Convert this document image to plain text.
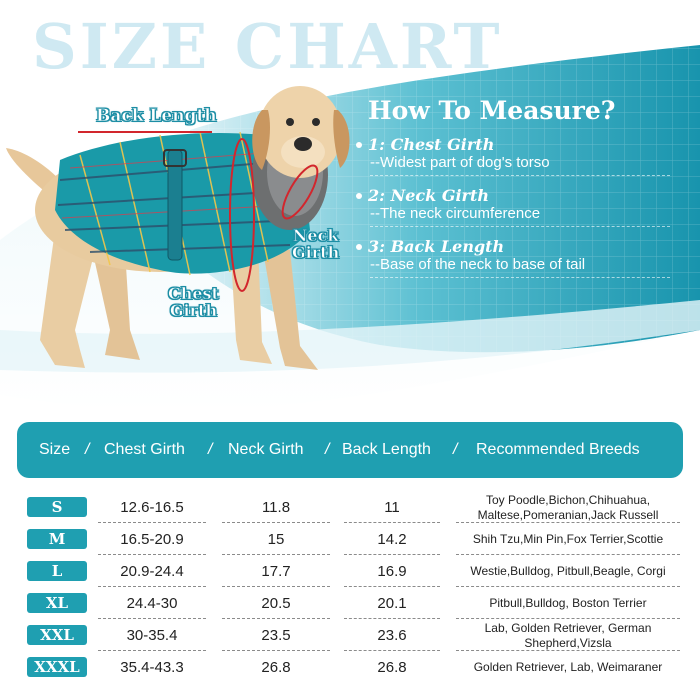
SIZE CHART
Back Length
Neck
Girth
Chest
Girth
How To Measure?
1: Chest Girth
--Widest part of dog's torso
2: Neck Girth
--The neck circumference
3: Back Length
--Base of the neck to base of tail
Size / Chest Girth / Neck Girth / Back Length / Recommended Breeds
S	12.6-16.5	11.8	11	Toy Poodle,Bichon,Chihuahua,
Maltese,Pomeranian,Jack Russell
M	16.5-20.9	15	14.2	Shih Tzu,Min Pin,Fox Terrier,Scottie
L	20.9-24.4	17.7	16.9	Westie,Bulldog, Pitbull,Beagle, Corgi
XL	24.4-30	20.5	20.1	Pitbull,Bulldog, Boston Terrier
XXL	30-35.4	23.5	23.6	Lab, Golden Retriever, German
Shepherd,Vizsla
XXXL	35.4-43.3	26.8	26.8	Golden Retriever, Lab, Weimaraner
